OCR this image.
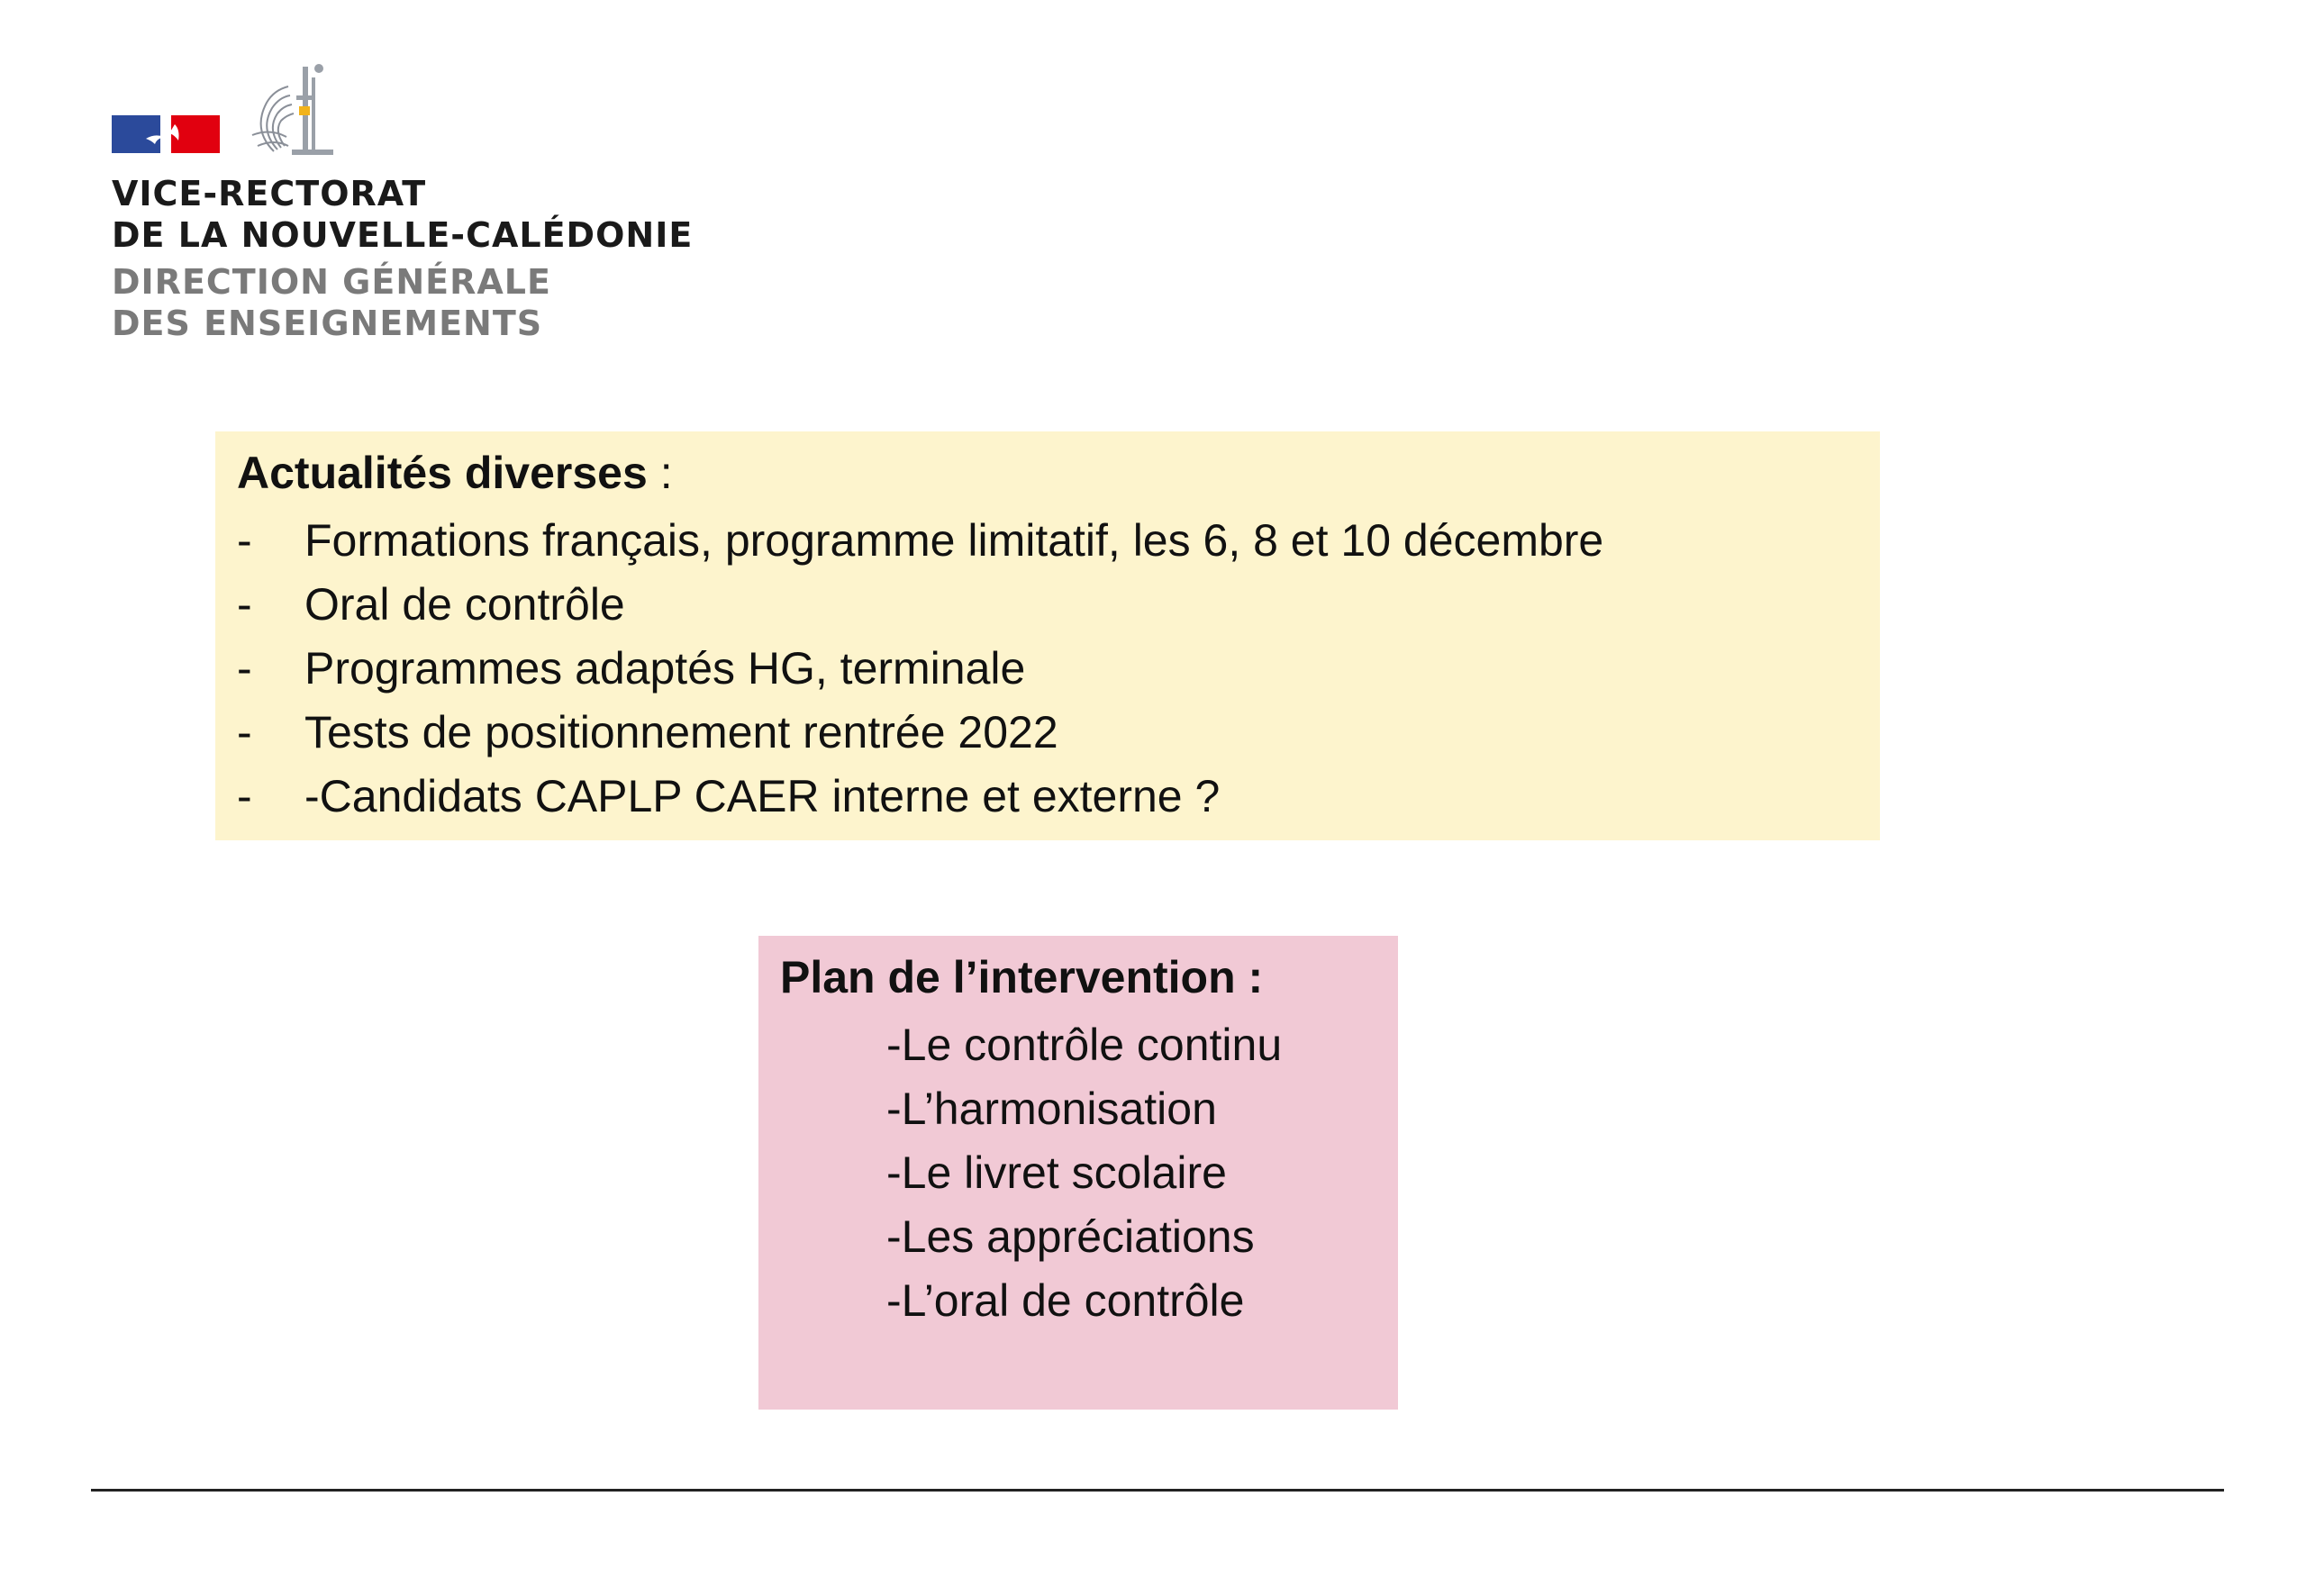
VICE-RECTORAT
DE LA NOUVELLE-CALÉDONIE
DIRECTION GÉNÉRALE
DES ENSEIGNEMENTS
Actualités diverses :
- Formations français, programme limitatif, les 6, 8 et 10 décembre
- Oral de contrôle
- Programmes adaptés HG, terminale
- Tests de positionnement rentrée 2022
- -Candidats CAPLP CAER interne et externe ?
Plan de l’intervention :
-Le contrôle continu
-L’harmonisation
-Le livret scolaire
-Les appréciations
-L’oral de contrôle
